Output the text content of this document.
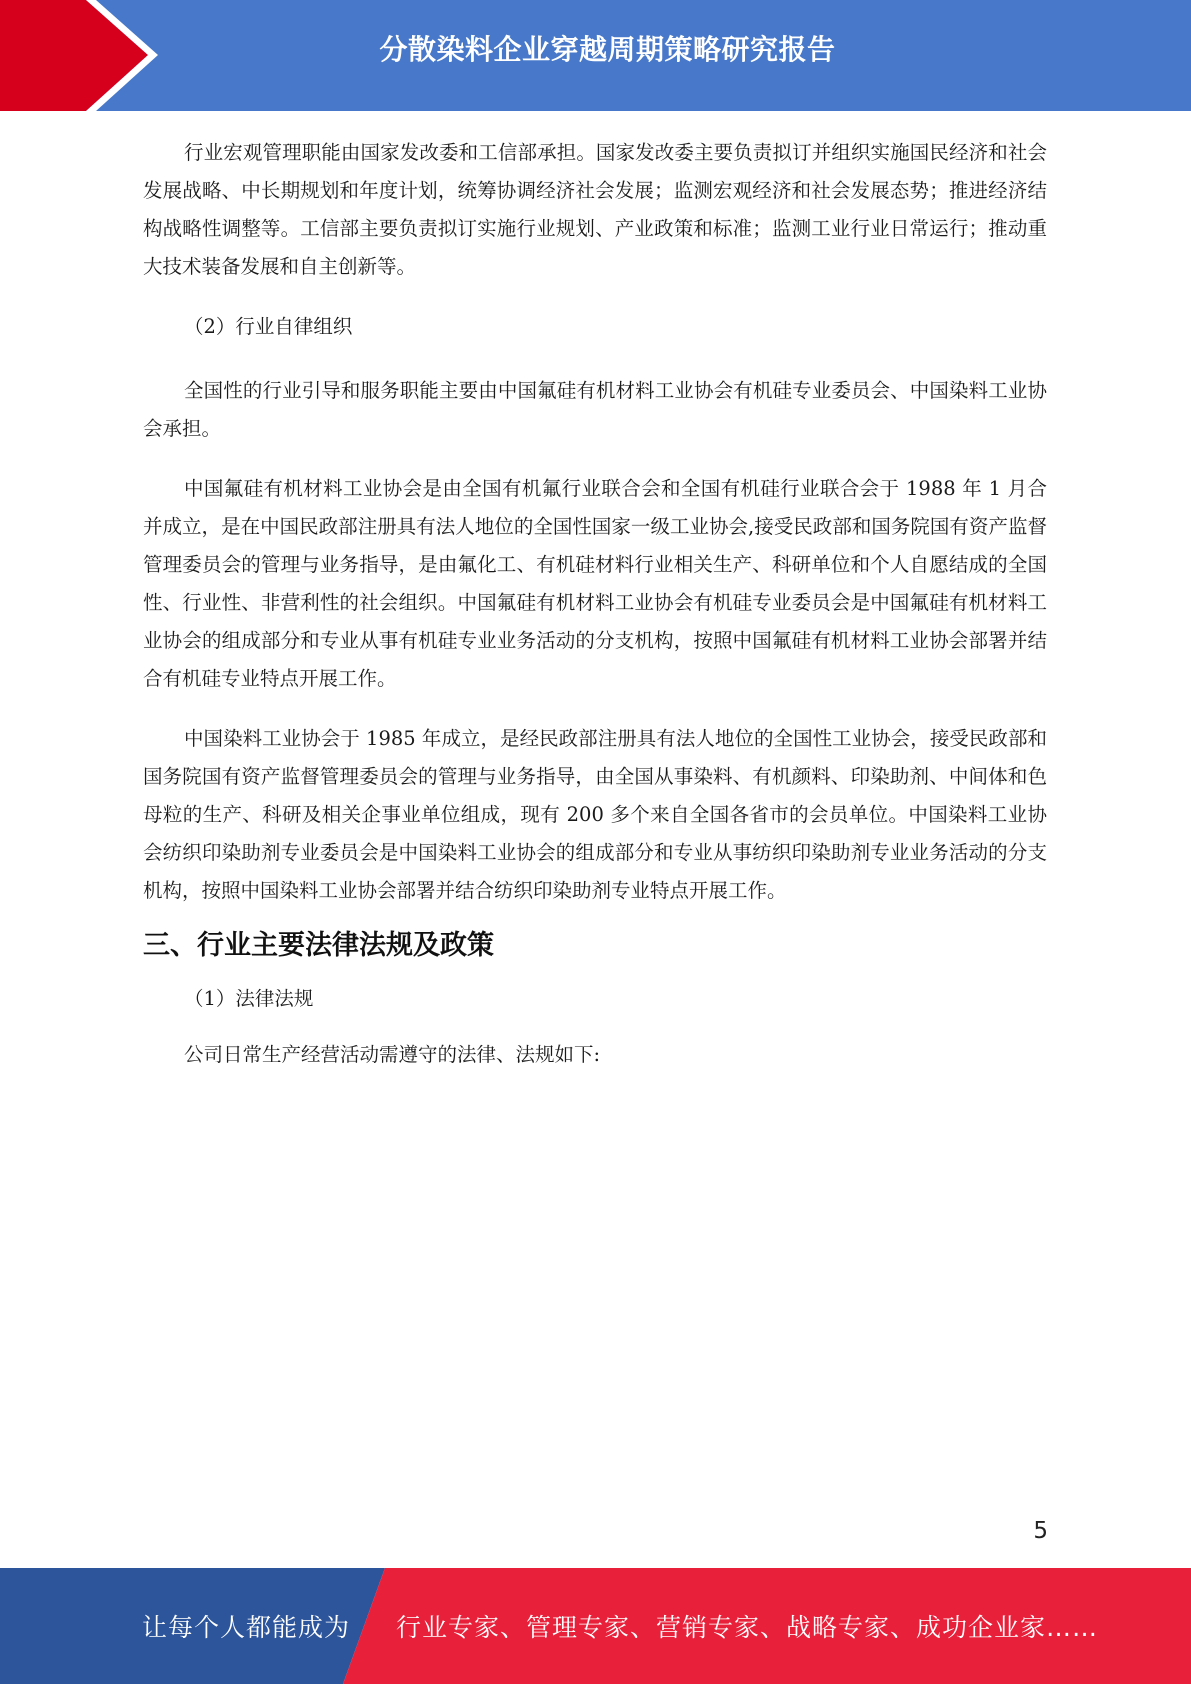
分散染料企业穿越周期策略研究报告

行业宏观管理职能由国家发改委和工信部承担。国家发改委主要负责拟订并组织实施国民经济和社会发展战略、中长期规划和年度计划，统筹协调经济社会发展；监测宏观经济和社会发展态势；推进经济结构战略性调整等。工信部主要负责拟订实施行业规划、产业政策和标准；监测工业行业日常运行；推动重大技术装备发展和自主创新等。

（2）行业自律组织

全国性的行业引导和服务职能主要由中国氟硅有机材料工业协会有机硅专业委员会、中国染料工业协会承担。

中国氟硅有机材料工业协会是由全国有机氟行业联合会和全国有机硅行业联合会于 1988 年 1 月合并成立，是在中国民政部注册具有法人地位的全国性国家一级工业协会,接受民政部和国务院国有资产监督管理委员会的管理与业务指导，是由氟化工、有机硅材料行业相关生产、科研单位和个人自愿结成的全国性、行业性、非营利性的社会组织。中国氟硅有机材料工业协会有机硅专业委员会是中国氟硅有机材料工业协会的组成部分和专业从事有机硅专业业务活动的分支机构，按照中国氟硅有机材料工业协会部署并结合有机硅专业特点开展工作。

中国染料工业协会于 1985 年成立，是经民政部注册具有法人地位的全国性工业协会，接受民政部和国务院国有资产监督管理委员会的管理与业务指导，由全国从事染料、有机颜料、印染助剂、中间体和色母粒的生产、科研及相关企事业单位组成，现有 200 多个来自全国各省市的会员单位。中国染料工业协会纺织印染助剂专业委员会是中国染料工业协会的组成部分和专业从事纺织印染助剂专业业务活动的分支机构，按照中国染料工业协会部署并结合纺织印染助剂专业特点开展工作。

三、行业主要法律法规及政策

（1）法律法规

公司日常生产经营活动需遵守的法律、法规如下:

5
让每个人都能成为 行业专家、管理专家、营销专家、战略专家、成功企业家……
